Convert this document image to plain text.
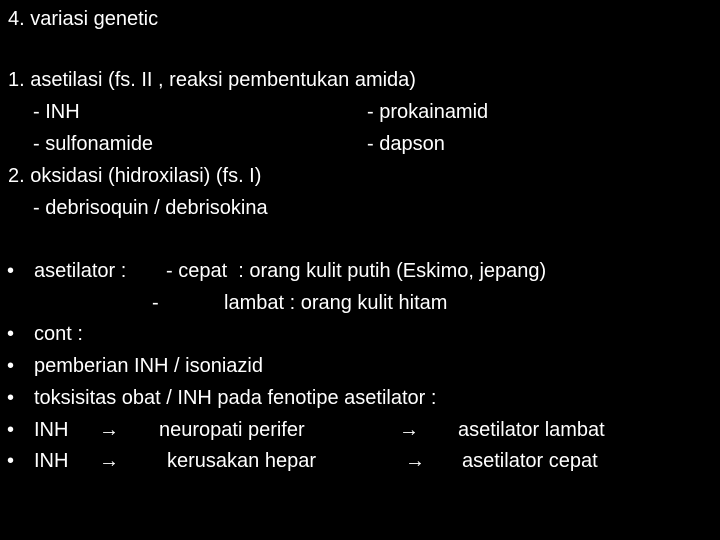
4. variasi genetic
1. asetilasi (fs. II , reaksi pembentukan amida)
- INH	- prokainamid
- sulfonamide	- dapson
2. oksidasi (hidroxilasi) (fs. I)
- debrisoquin / debrisokina
• asetilator : - cepat  : orang kulit putih (Eskimo, jepang)
-	lambat : orang kulit hitam
• cont :
• pemberian INH / isoniazid
• toksisitas obat / INH pada fenotipe asetilator :
• INH → neuropati perifer	→ asetilator lambat
• INH → kerusakan hepar	→ asetilator cepat
